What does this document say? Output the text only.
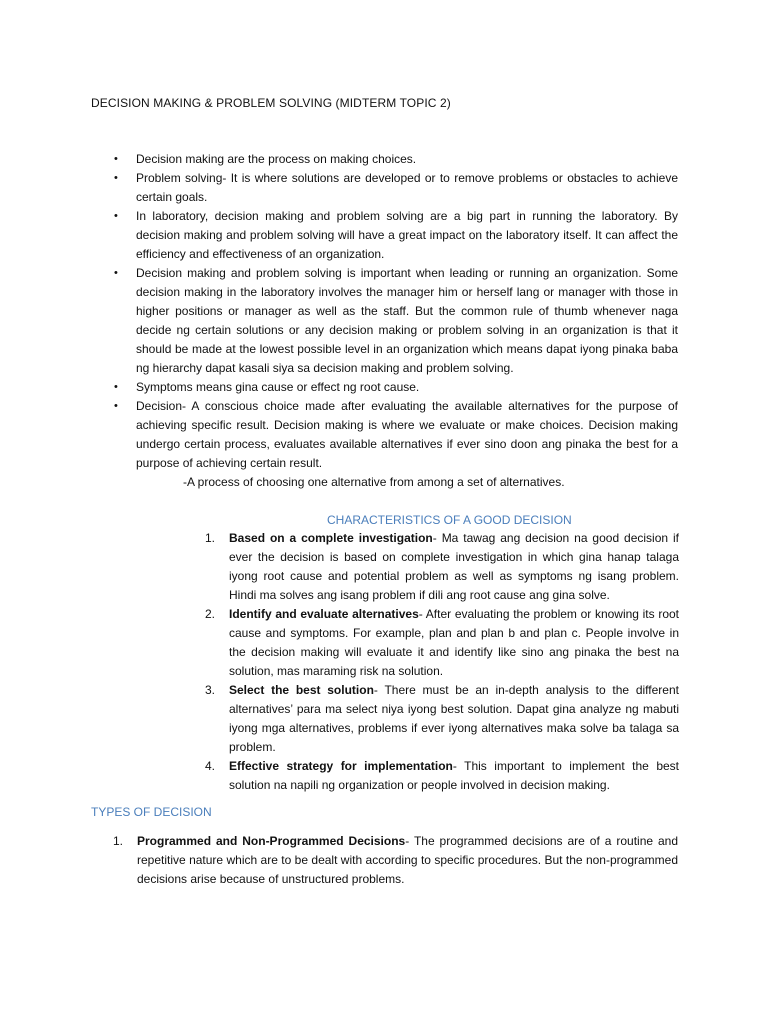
DECISION MAKING & PROBLEM SOLVING (MIDTERM TOPIC 2)
• Decision making are the process on making choices.
• Problem solving- It is where solutions are developed or to remove problems or obstacles to achieve certain goals.
• In laboratory, decision making and problem solving are a big part in running the laboratory. By decision making and problem solving will have a great impact on the laboratory itself. It can affect the efficiency and effectiveness of an organization.
• Decision making and problem solving is important when leading or running an organization. Some decision making in the laboratory involves the manager him or herself lang or manager with those in higher positions or manager as well as the staff. But the common rule of thumb whenever naga decide ng certain solutions or any decision making or problem solving in an organization is that it should be made at the lowest possible level in an organization which means dapat iyong pinaka baba ng hierarchy dapat kasali siya sa decision making and problem solving.
• Symptoms means gina cause or effect ng root cause.
• Decision- A conscious choice made after evaluating the available alternatives for the purpose of achieving specific result. Decision making is where we evaluate or make choices. Decision making undergo certain process, evaluates available alternatives if ever sino doon ang pinaka the best for a purpose of achieving certain result.
-A process of choosing one alternative from among a set of alternatives.
CHARACTERISTICS OF A GOOD DECISION
1. Based on a complete investigation- Ma tawag ang decision na good decision if ever the decision is based on complete investigation in which gina hanap talaga iyong root cause and potential problem as well as symptoms ng isang problem. Hindi ma solves ang isang problem if dili ang root cause ang gina solve.
2. Identify and evaluate alternatives- After evaluating the problem or knowing its root cause and symptoms. For example, plan and plan b and plan c. People involve in the decision making will evaluate it and identify like sino ang pinaka the best na solution, mas maraming risk na solution.
3. Select the best solution- There must be an in-depth analysis to the different alternatives’ para ma select niya iyong best solution. Dapat gina analyze ng mabuti iyong mga alternatives, problems if ever iyong alternatives maka solve ba talaga sa problem.
4. Effective strategy for implementation- This important to implement the best solution na napili ng organization or people involved in decision making.
TYPES OF DECISION
1. Programmed and Non-Programmed Decisions- The programmed decisions are of a routine and repetitive nature which are to be dealt with according to specific procedures. But the non-programmed decisions arise because of unstructured problems.
